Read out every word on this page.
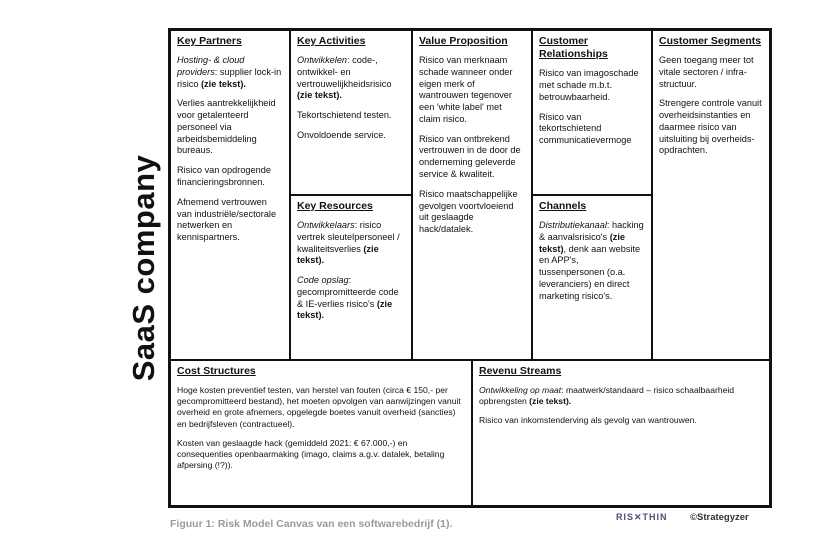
SaaS company
Key Partners
Hosting- & cloud providers: supplier lock-in risico (zie tekst).
Verlies aantrekkelijkheid voor getalenteerd personeel via arbeidsbemiddeling bureaus.
Risico van opdrogende financieringsbronnen.
Afnemend vertrouwen van industriële/sectorale netwerken en kennispartners.
Key Activities
Ontwikkelen: code-, ontwikkel- en vertrouwelijkheidsrisico (zie tekst).
Tekortschietend testen.
Onvoldoende service.
Key Resources
Ontwikkelaars: risico vertrek sleutelpersoneel / kwaliteitsverlies (zie tekst).
Code opslag: gecompromitteerde code & IE-verlies risico's (zie tekst).
Value Proposition
Risico van merknaam schade wanneer onder eigen merk of wantrouwen tegenover een 'white label' met claim risico.
Risico van ontbrekend vertrouwen in de door de onderneming geleverde service & kwaliteit.
Risico maatschappelijke gevolgen voortvloeiend uit geslaagde hack/datalek.
Customer Relationships
Risico van imagoschade met schade m.b.t. betrouwbaarheid.
Risico van tekortschietend communicatievermoge
Channels
Distributiekanaal: hacking & aanvalsrisico's (zie tekst), denk aan website en APP's, tussenpersonen (o.a. leveranciers) en direct marketing risico's.
Customer Segments
Geen toegang meer tot vitale sectoren / infra-structuur.
Strengere controle vanuit overheidsinstanties en daarmee risico van uitsluiting bij overheids-opdrachten.
Cost Structures
Hoge kosten preventief testen, van herstel van fouten (circa € 150,- per gecompromitteerd bestand), het moeten opvolgen van aanwijzingen vanuit overheid en grote afnemers, opgelegde boetes vanuit overheid (sancties) en bedrijfsleven (contractueel).
Kosten van geslaagde hack (gemiddeld 2021: € 67.000,-) en consequenties openbaarmaking (imago, claims a.g.v. datalek, betaling afpersing (!?)).
Revenu Streams
Ontwikkeling op maat: maatwerk/standaard – risico schaalbaarheid opbrengsten (zie tekst).
Risico van inkomstenderving als gevolg van wantrouwen.
RIS✕THIN ©Strategyzer
Figuur 1: Risk Model Canvas van een softwarebedrijf (1).
